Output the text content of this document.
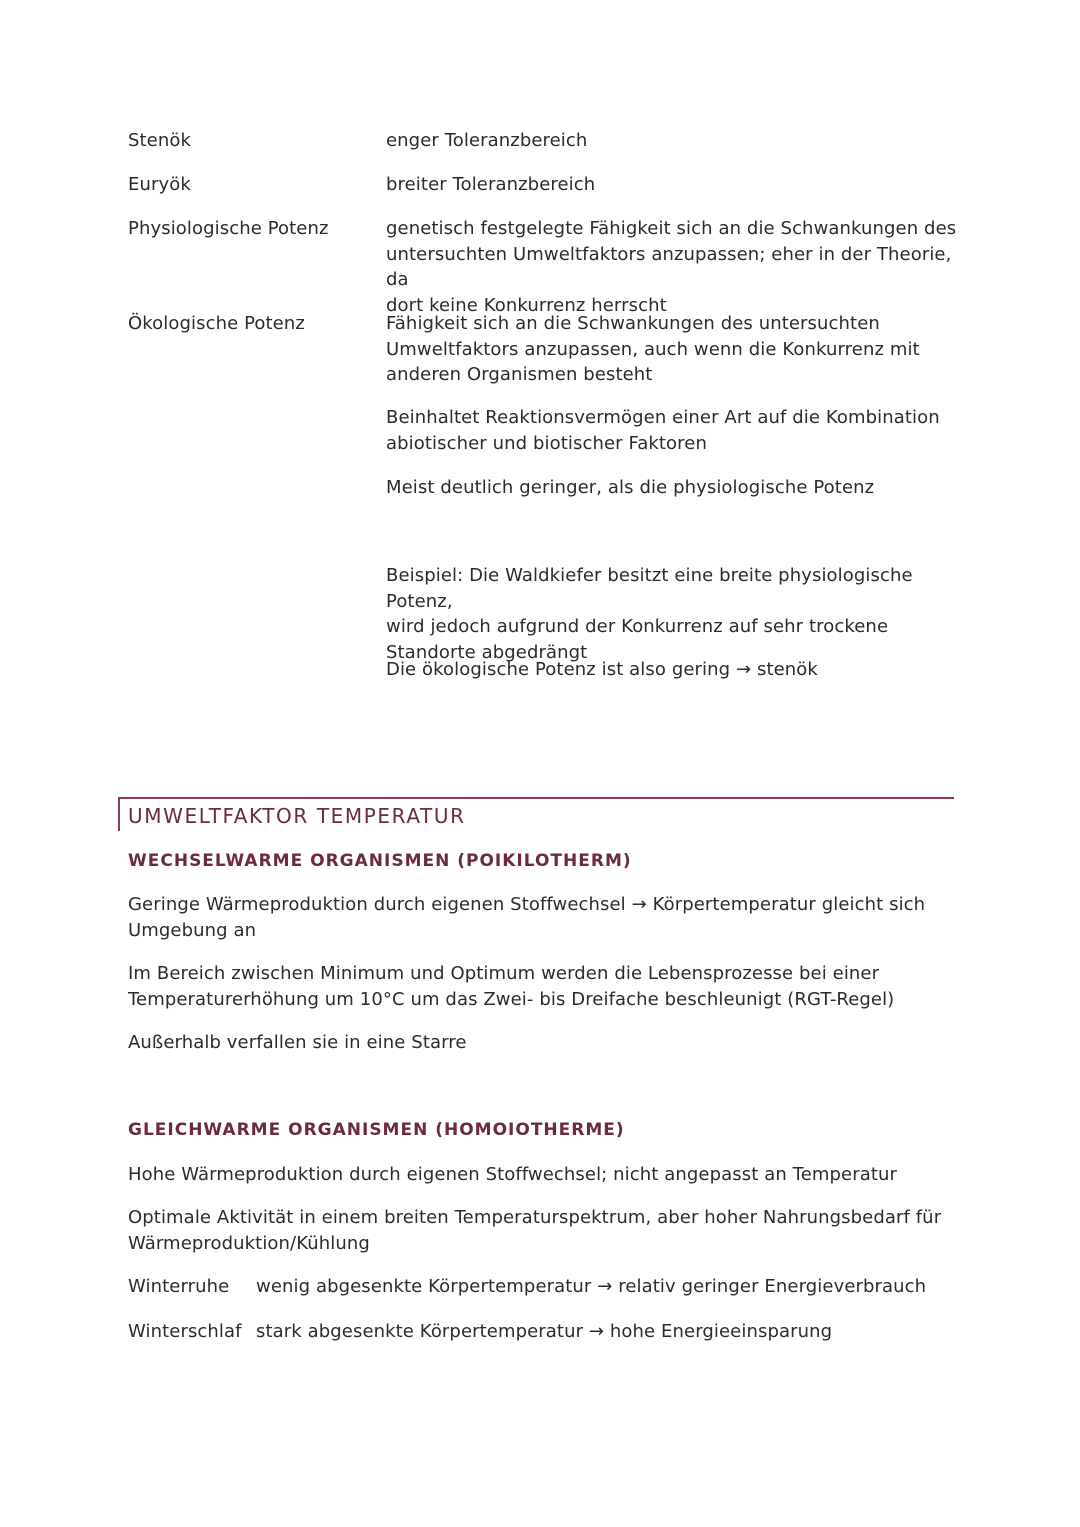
Stenök	enger Toleranzbereich

Euryök	breiter Toleranzbereich

Physiologische Potenz	genetisch festgelegte Fähigkeit sich an die Schwankungen des

untersuchten Umweltfaktors anzupassen; eher in der Theorie, da

dort keine Konkurrenz herrscht

Ökologische Potenz	Fähigkeit sich an die Schwankungen des untersuchten

Umweltfaktors anzupassen, auch wenn die Konkurrenz mit

anderen Organismen besteht

Beinhaltet Reaktionsvermögen einer Art auf die Kombination

abiotischer und biotischer Faktoren

Meist deutlich geringer, als die physiologische Potenz

Beispiel: Die Waldkiefer besitzt eine breite physiologische Potenz,

wird jedoch aufgrund der Konkurrenz auf sehr trockene

Standorte abgedrängt

Die ökologische Potenz ist also gering → stenök

UMWELTFAKTOR TEMPERATUR
WECHSELWARME ORGANISMEN (POIKILOTHERM)
Geringe Wärmeproduktion durch eigenen Stoffwechsel → Körpertemperatur gleicht sich
Umgebung an
Im Bereich zwischen Minimum und Optimum werden die Lebensprozesse bei einer
Temperaturerhöhung um 10°C um das Zwei- bis Dreifache beschleunigt (RGT-Regel)
Außerhalb verfallen sie in eine Starre
GLEICHWARME ORGANISMEN (HOMOIOTHERME)
Hohe Wärmeproduktion durch eigenen Stoffwechsel; nicht angepasst an Temperatur
Optimale Aktivität in einem breiten Temperaturspektrum, aber hoher Nahrungsbedarf für
Wärmeproduktion/Kühlung
Winterruhe wenig abgesenkte Körpertemperatur → relativ geringer Energieverbrauch
Winterschlaf stark abgesenkte Körpertemperatur → hohe Energieeinsparung
